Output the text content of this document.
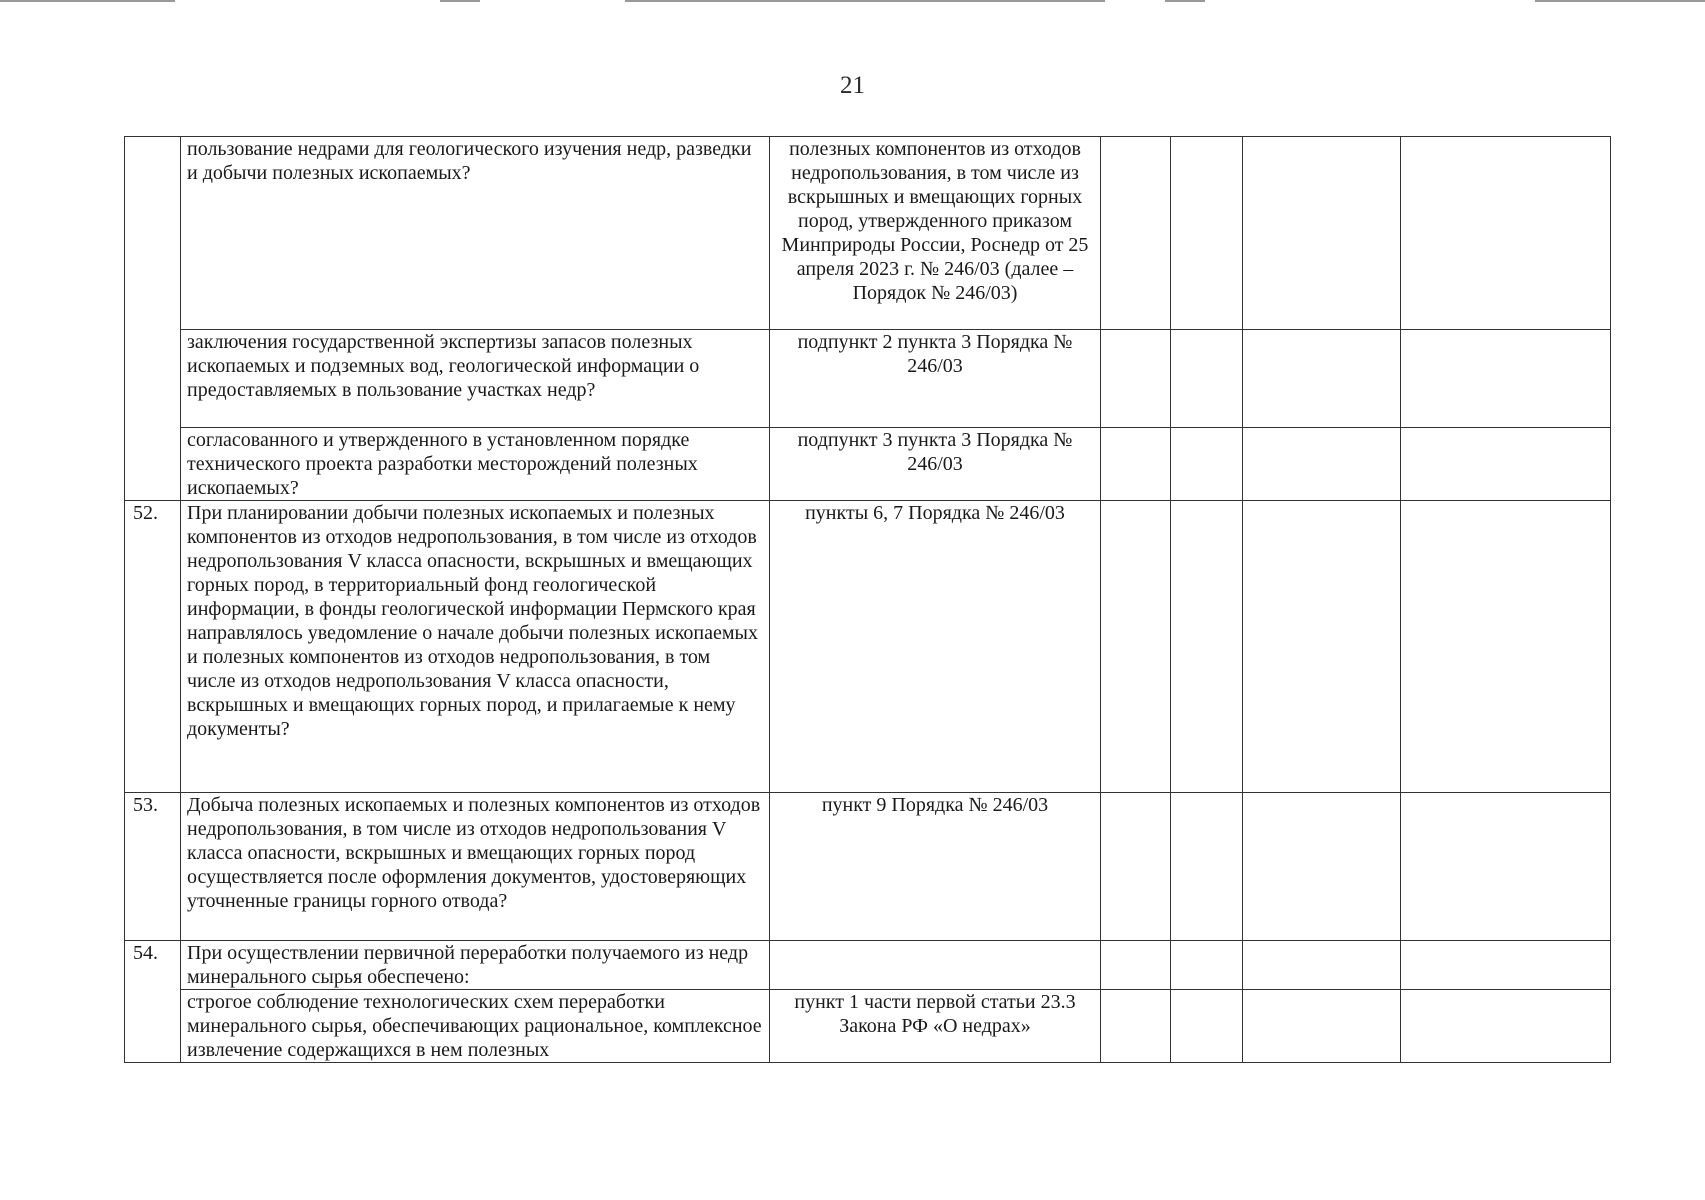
21
	пользование недрами для геологического изучения недр, разведки и добычи полезных ископаемых?	полезных компонентов из отходов недропользования, в том числе из вскрышных и вмещающих горных пород, утвержденного приказом Минприроды России, Роснедр от 25 апреля 2023 г. № 246/03 (далее – Порядок № 246/03)				
	заключения государственной экспертизы запасов полезных ископаемых и подземных вод, геологической информации о предоставляемых в пользование участках недр?	подпункт 2 пункта 3 Порядка № 246/03				
	согласованного и утвержденного в установленном порядке технического проекта разработки месторождений полезных ископаемых?	подпункт 3 пункта 3 Порядка № 246/03				
52.	При планировании добычи полезных ископаемых и полезных компонентов из отходов недропользования, в том числе из отходов недропользования V класса опасности, вскрышных и вмещающих горных пород, в территориальный фонд геологической информации, в фонды геологической информации Пермского края направлялось уведомление о начале добычи полезных ископаемых и полезных компонентов из отходов недропользования, в том числе из отходов недропользования V класса опасности, вскрышных и вмещающих горных пород, и прилагаемые к нему документы?	пункты 6, 7 Порядка № 246/03				
53.	Добыча полезных ископаемых и полезных компонентов из отходов недропользования, в том числе из отходов недропользования V класса опасности, вскрышных и вмещающих горных пород осуществляется после оформления документов, удостоверяющих уточненные границы горного отвода?	пункт 9 Порядка № 246/03				
54.	При осуществлении первичной переработки получаемого из недр минерального сырья обеспечено:					
	строгое соблюдение технологических схем переработки минерального сырья, обеспечивающих рациональное, комплексное извлечение содержащихся в нем полезных	пункт 1 части первой статьи 23.3 Закона РФ «О недрах»				
